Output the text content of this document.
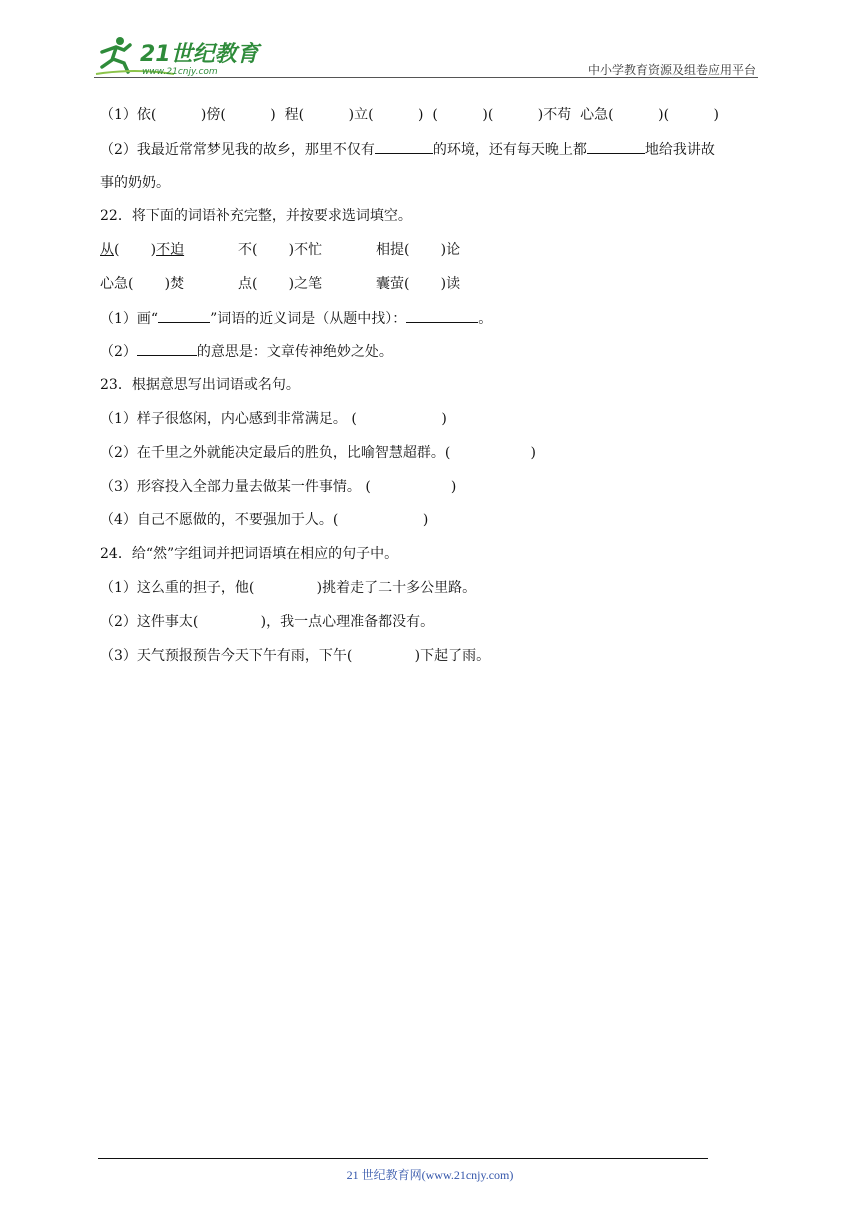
21世纪教育
www.21cnjy.com	中小学教育资源及组卷应用平台
（1）依(          )傍(          )  程(          )立(          )  (          )(          )不苟  心急(          )(          )
（2）我最近常常梦见我的故乡，那里不仅有	的环境，还有每天晚上都	地给我讲故
事的奶奶。
22．将下面的词语补充完整，并按要求选词填空。
从(       )不迫	不(       )不忙	相提(       )论
心急(       )焚	点(       )之笔	囊萤(       )读
（1）画“	”词语的近义词是（从题中找）：	。
（2）	的意思是：文章传神绝妙之处。
23．根据意思写出词语或名句。
（1）样子很悠闲，内心感到非常满足。 (                   )
（2）在千里之外就能决定最后的胜负，比喻智慧超群。(                  )
（3）形容投入全部力量去做某一件事情。 (                  )
（4）自己不愿做的，不要强加于人。(                   )
24．给“然”字组词并把词语填在相应的句子中。
（1）这么重的担子，他(              )挑着走了二十多公里路。
（2）这件事太(              )，我一点心理准备都没有。
（3）天气预报预告今天下午有雨，下午(              )下起了雨。
21 世纪教育网(www.21cnjy.com)
